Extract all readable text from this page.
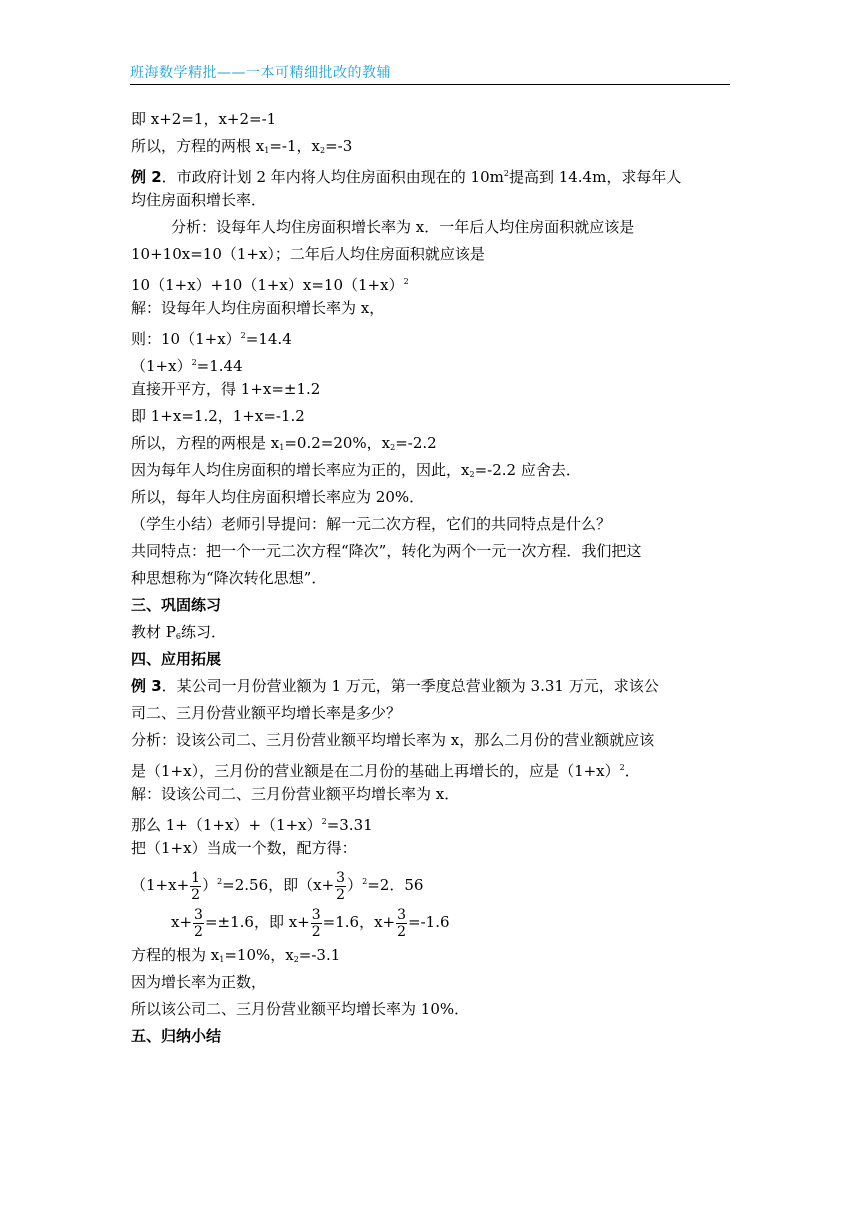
班海数学精批——一本可精细批改的教辅
即 x+2=1，x+2=-1
所以，方程的两根 $x_1=-1$，$x_2=-3$
例 2．市政府计划 2 年内将人均住房面积由现在的 $10m^2$提高到 14.4m，求每年人
均住房面积增长率．
分析：设每年人均住房面积增长率为 x．一年后人均住房面积就应该是
10+10x=10（1+x）；二年后人均住房面积就应该是
$10(1+x)+10(1+x)x=10(1+x)^2$
解：设每年人均住房面积增长率为 x，
则：$10(1+x)^2=14.4$
$(1+x)^2=1.44$
直接开平方，得 1+x=±1.2
即 1+x=1.2，1+x=-1.2
所以，方程的两根是 $x_1=0.2=20\%$，$x_2=-2.2$
因为每年人均住房面积的增长率应为正的，因此，$x_2=-2.2$ 应舍去．
所以，每年人均住房面积增长率应为 20%．
（学生小结）老师引导提问：解一元二次方程，它们的共同特点是什么？
共同特点：把一个一元二次方程“降次”，转化为两个一元一次方程．我们把这
种思想称为“降次转化思想”．
三、巩固练习
教材 $P_6$练习．
四、应用拓展
例 3．某公司一月份营业额为 1 万元，第一季度总营业额为 3.31 万元，求该公
司二、三月份营业额平均增长率是多少？
分析：设该公司二、三月份营业额平均增长率为 x，那么二月份的营业额就应该
是（1+x），三月份的营业额是在二月份的基础上再增长的，应是$(1+x)^2$．
解：设该公司二、三月份营业额平均增长率为 x．
那么 $1+(1+x)+(1+x)^2=3.31$
把（1+x）当成一个数，配方得：
$(1+x+ \frac{1}{2} )^2=2.56$，即$(x+ \frac{3}{2} )^2=2$．56
$x+ \frac{3}{2} =\pm 1.6$，即 $x+ \frac{3}{2} =1.6$，$x+ \frac{3}{2} =-1.6$
方程的根为 $x_1=10\%$，$x_2=-3.1$
因为增长率为正数，
所以该公司二、三月份营业额平均增长率为 10%．
五、归纳小结
